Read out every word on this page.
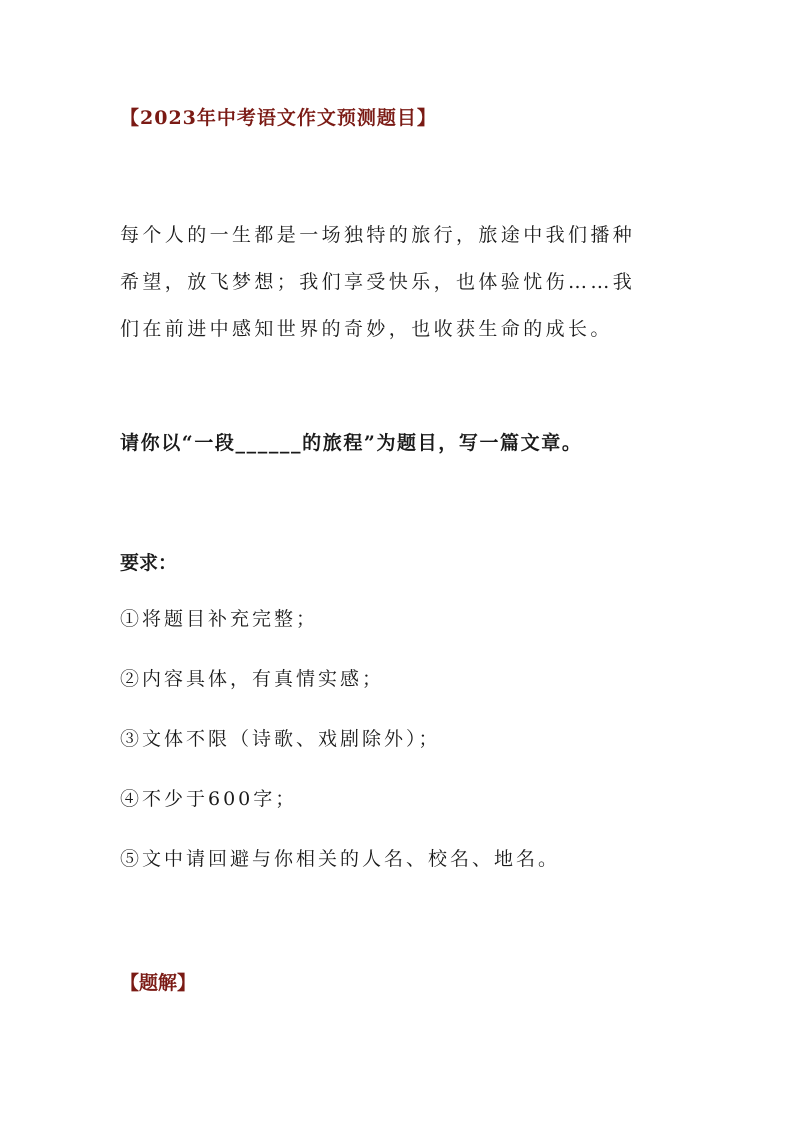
【2023年中考语文作文预测题目】
每个人的一生都是一场独特的旅行，旅途中我们播种
希望，放飞梦想；我们享受快乐，也体验忧伤……我
们在前进中感知世界的奇妙，也收获生命的成长。
请你以“一段______的旅程”为题目，写一篇文章。
要求：
①将题目补充完整；
②内容具体，有真情实感；
③文体不限（诗歌、戏剧除外）；
④不少于600字；
⑤文中请回避与你相关的人名、校名、地名。
【题解】
